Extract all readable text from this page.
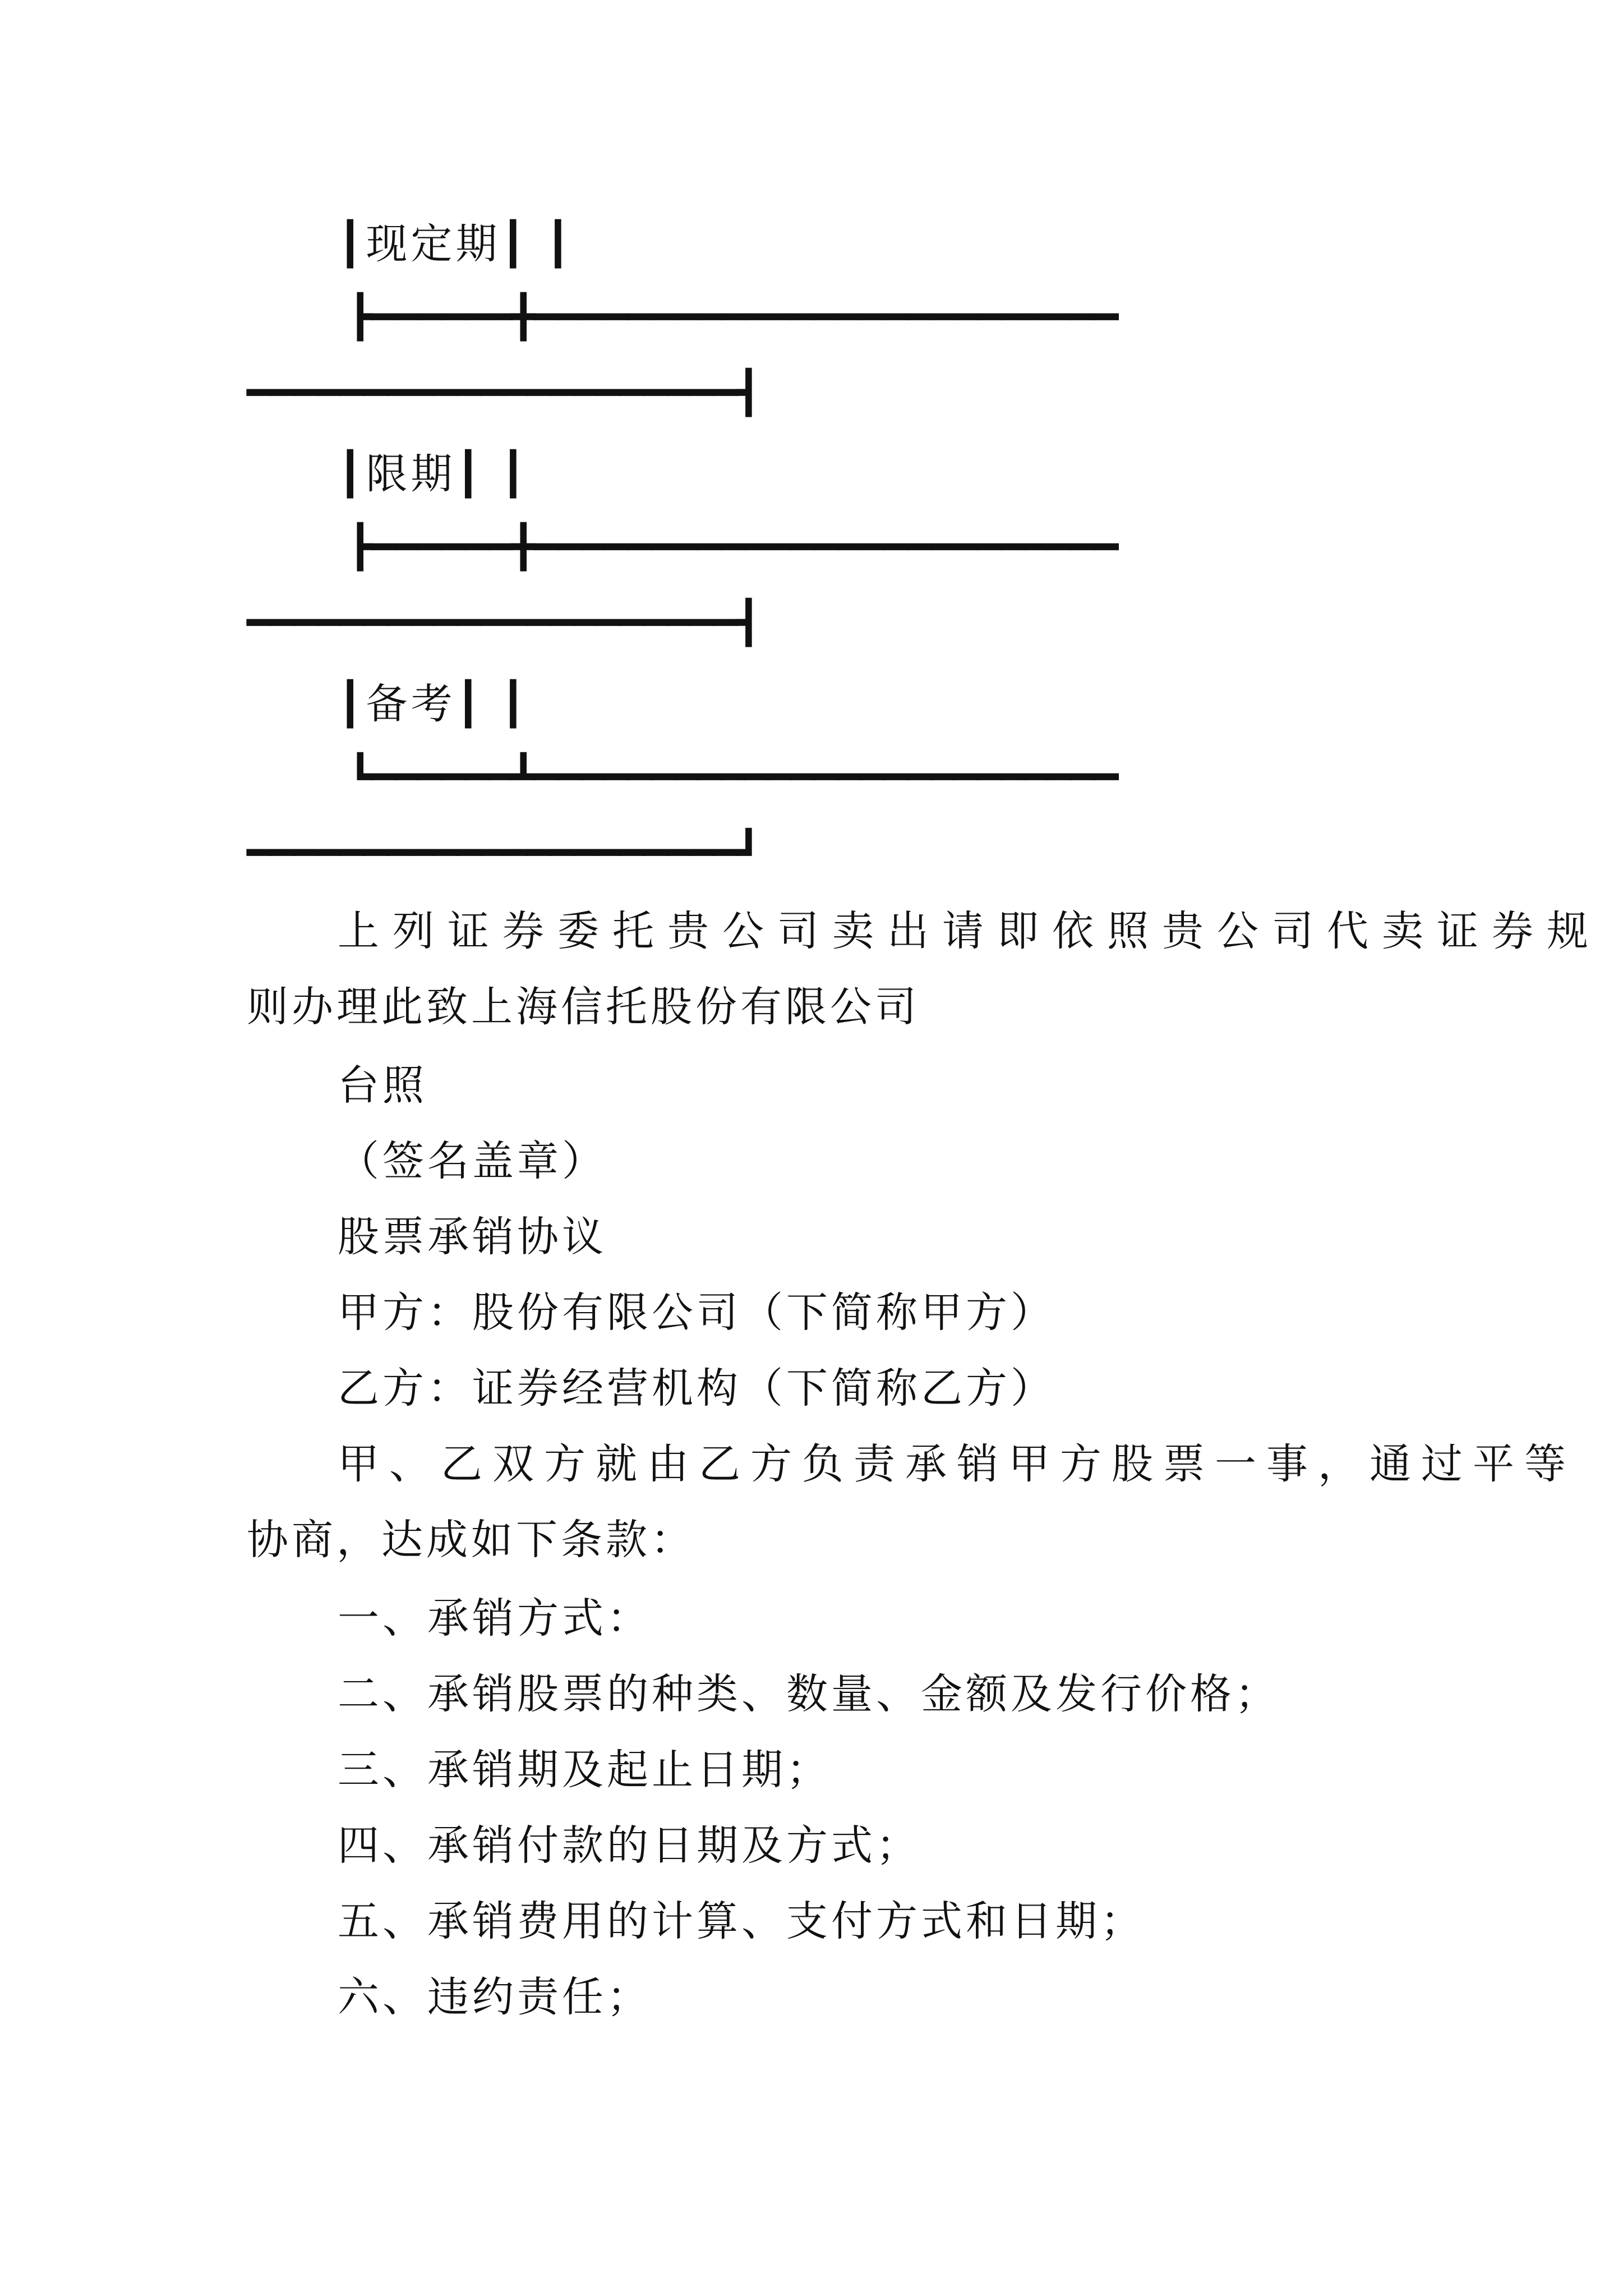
┃现定期┃ ┃
┣━━━━━━╋━━━━━━━━━━━━━━━━━━━━━━━━━
━━━━━━━━━━━━━━━━━━━━━┫
┃限期┃ ┃
┣━━━━━━╋━━━━━━━━━━━━━━━━━━━━━━━━━
━━━━━━━━━━━━━━━━━━━━━┫
┃备考┃ ┃
┗━━━━━━┻━━━━━━━━━━━━━━━━━━━━━━━━━
━━━━━━━━━━━━━━━━━━━━━┛
上列证券委托贵公司卖出请即依照贵公司代卖证券规
则办理此致上海信托股份有限公司
台照
（签名盖章）
股票承销协议
甲方：股份有限公司（下简称甲方）
乙方：证券经营机构（下简称乙方）
甲、乙双方就由乙方负责承销甲方股票一事，通过平等
协商，达成如下条款：
一、承销方式：
二、承销股票的种类、数量、金额及发行价格；
三、承销期及起止日期；
四、承销付款的日期及方式；
五、承销费用的计算、支付方式和日期；
六、违约责任；
